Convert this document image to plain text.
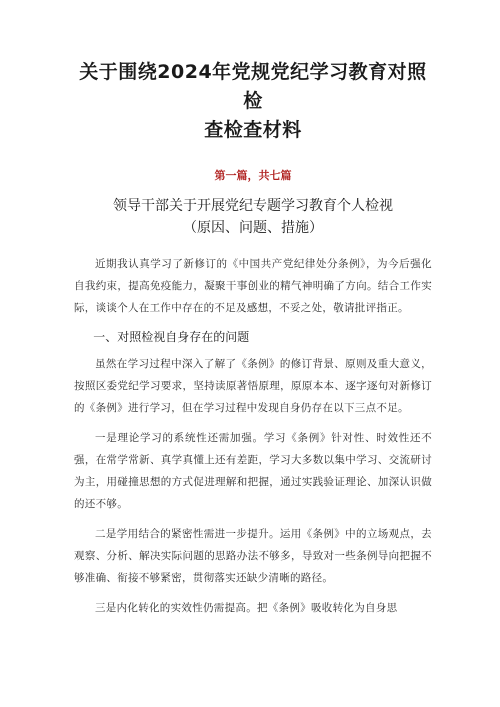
关于围绕2024年党规党纪学习教育对照检
查检查材料
第一篇，共七篇
领导干部关于开展党纪专题学习教育个人检视
（原因、问题、措施）

近期我认真学习了新修订的《中国共产党纪律处分条例》，为今后强化自我约束，提高免疫能力，凝聚干事创业的精气神明确了方向。结合工作实际，谈谈个人在工作中存在的不足及感想，不妥之处，敬请批评指正。

一、对照检视自身存在的问题

虽然在学习过程中深入了解了《条例》的修订背景、原则及重大意义，按照区委党纪学习要求，坚持读原著悟原理，原原本本、逐字逐句对新修订的《条例》进行学习，但在学习过程中发现自身仍存在以下三点不足。

一是理论学习的系统性还需加强。学习《条例》针对性、时效性还不强，在常学常新、真学真懂上还有差距，学习大多数以集中学习、交流研讨为主，用碰撞思想的方式促进理解和把握，通过实践验证理论、加深认识做的还不够。

二是学用结合的紧密性需进一步提升。运用《条例》中的立场观点，去观察、分析、解决实际问题的思路办法不够多，导致对一些条例导向把握不够准确、衔接不够紧密，贯彻落实还缺少清晰的路径。

三是内化转化的实效性仍需提高。把《条例》吸收转化为自身思
